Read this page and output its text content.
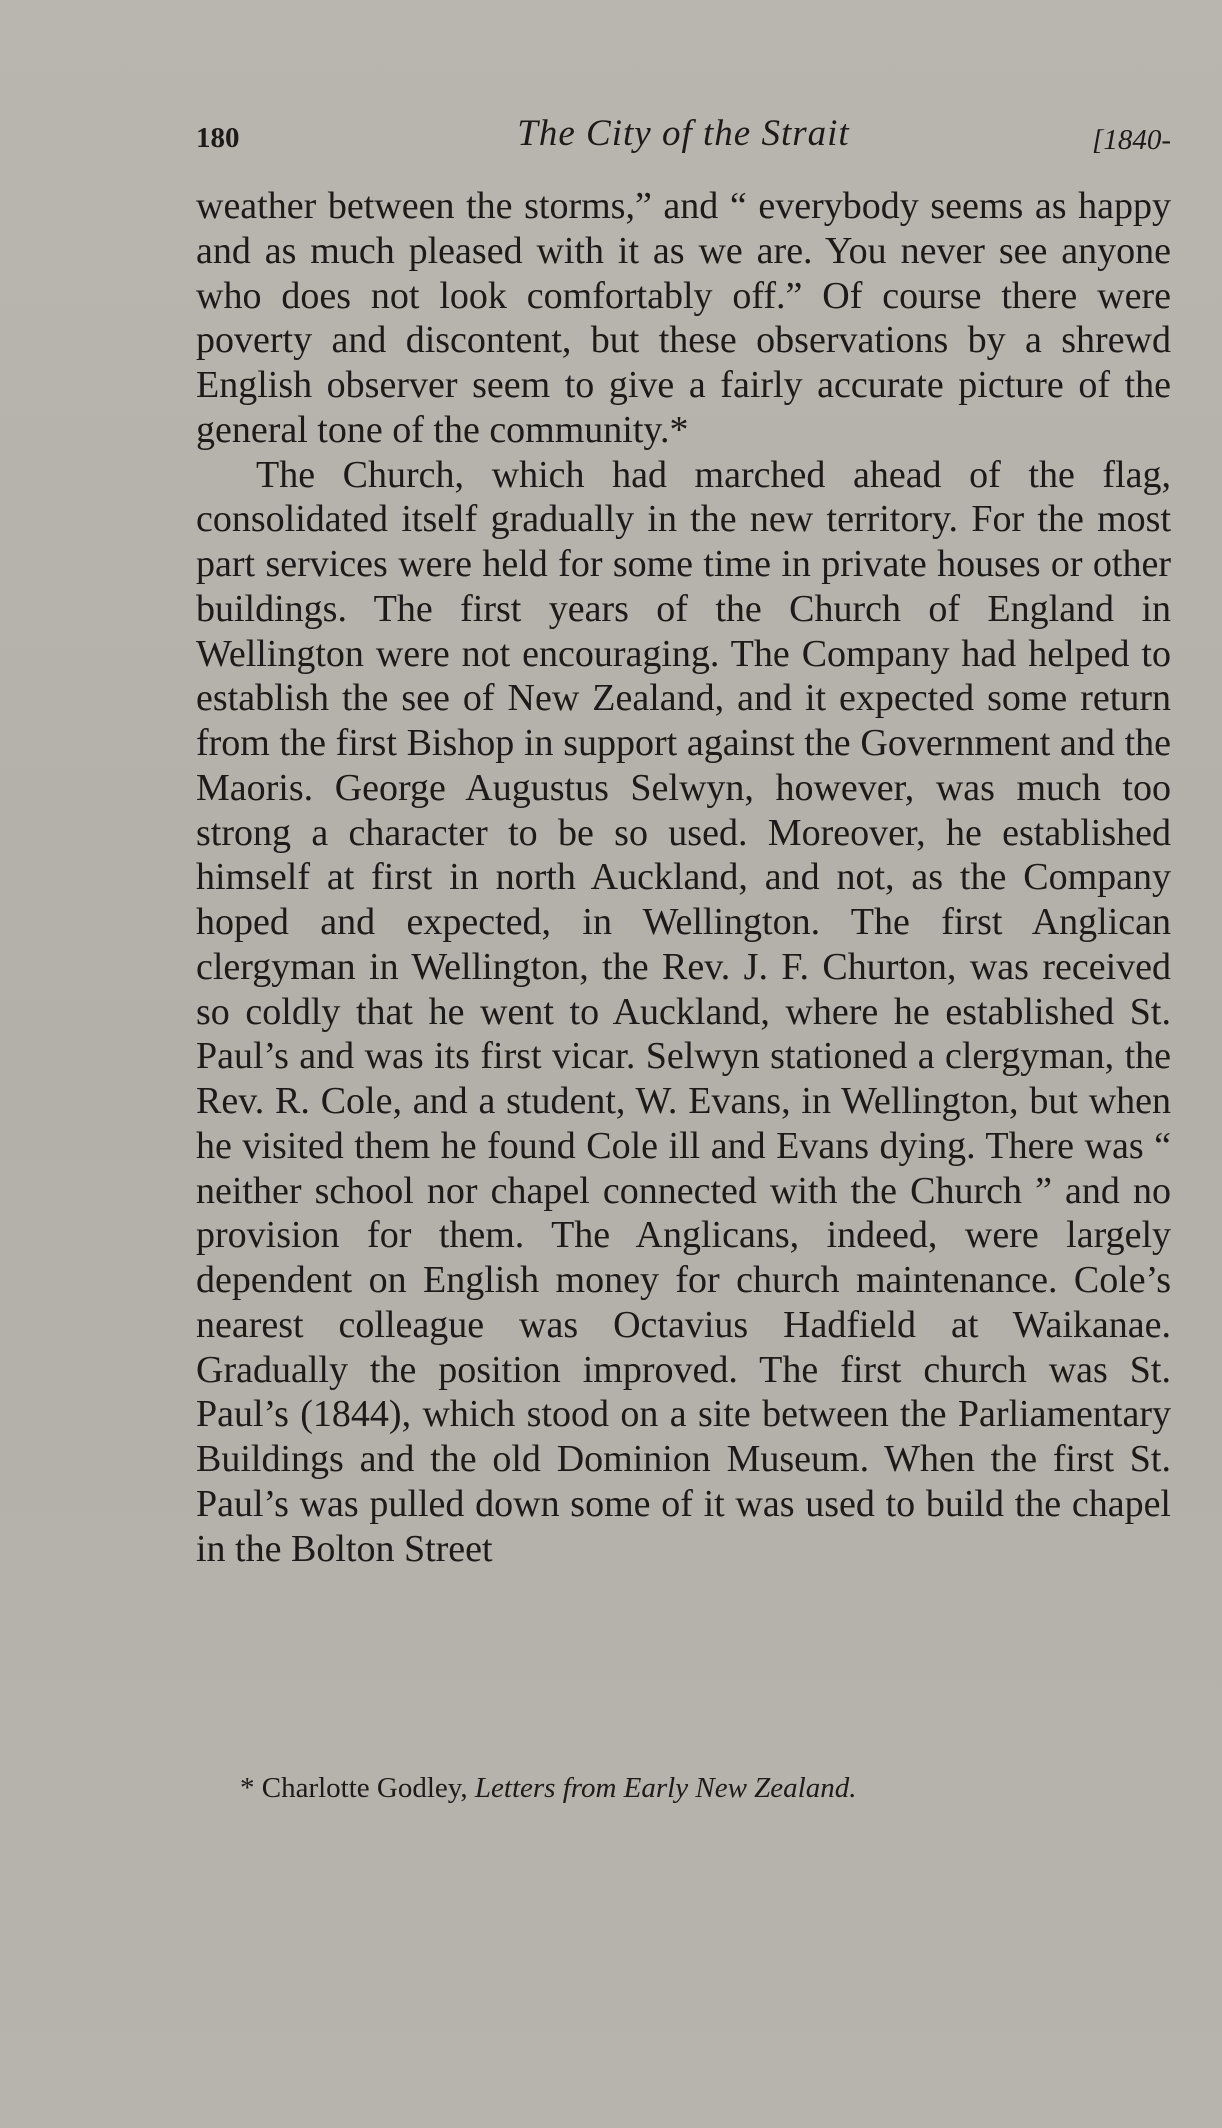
180	The City of the Strait	[1840-

weather between the storms,” and “ everybody seems as happy and as much pleased with it as we are. You never see anyone who does not look comfortably off.” Of course there were poverty and discontent, but these observations by a shrewd English observer seem to give a fairly accurate picture of the general tone of the community.*

The Church, which had marched ahead of the flag, consolidated itself gradually in the new territory. For the most part services were held for some time in private houses or other buildings. The first years of the Church of England in Wellington were not encouraging. The Company had helped to establish the see of New Zealand, and it expected some return from the first Bishop in support against the Government and the Maoris. George Augustus Selwyn, however, was much too strong a character to be so used. Moreover, he established himself at first in north Auckland, and not, as the Company hoped and expected, in Wellington. The first Anglican clergyman in Wellington, the Rev. J. F. Churton, was received so coldly that he went to Auckland, where he established St. Paul’s and was its first vicar. Selwyn stationed a clergyman, the Rev. R. Cole, and a student, W. Evans, in Wellington, but when he visited them he found Cole ill and Evans dying. There was “ neither school nor chapel connected with the Church ” and no provision for them. The Anglicans, indeed, were largely dependent on English money for church maintenance. Cole’s nearest colleague was Octavius Hadfield at Waikanae. Gradually the position improved. The first church was St. Paul’s (1844), which stood on a site between the Parliamentary Buildings and the old Dominion Museum. When the first St. Paul’s was pulled down some of it was used to build the chapel in the Bolton Street

* Charlotte Godley, Letters from Early New Zealand.
